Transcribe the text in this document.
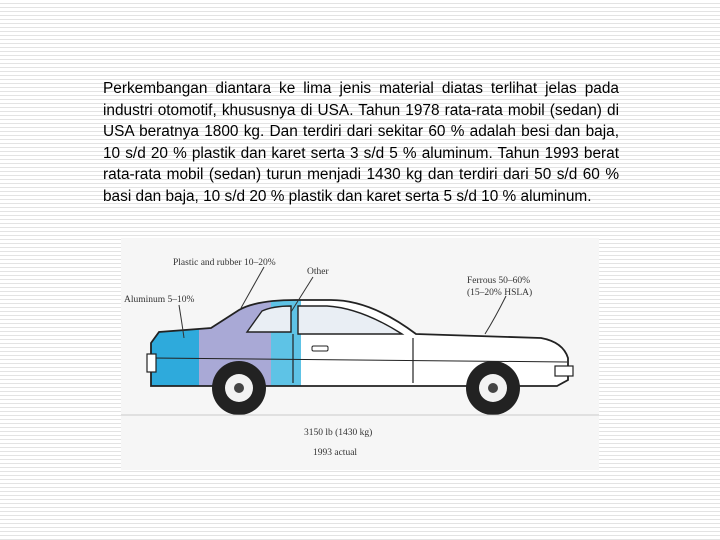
Perkembangan diantara ke lima jenis material diatas terlihat jelas pada industri otomotif, khususnya di USA. Tahun 1978 rata-rata mobil (sedan) di USA beratnya 1800 kg. Dan terdiri dari sekitar 60 % adalah besi dan baja, 10 s/d 20 % plastik dan karet serta 3 s/d 5 % aluminum. Tahun 1993 berat rata-rata mobil (sedan) turun menjadi 1430 kg dan terdiri dari 50 s/d 60 % basi dan baja, 10 s/d 20 % plastik dan karet serta 5 s/d 10 % aluminum.

Plastic and rubber 10–20%
Other
Aluminum 5–10%
Ferrous 50–60%
(15–20% HSLA)
3150 lb (1430 kg)
1993 actual
